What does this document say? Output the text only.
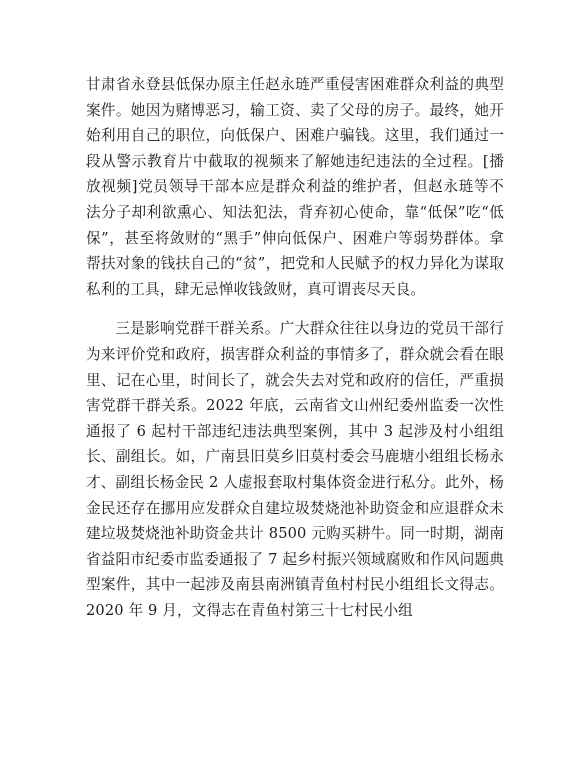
甘肃省永登县低保办原主任赵永琏严重侵害困难群众利益的典型案件。她因为赌博恶习，输工资、卖了父母的房子。最终，她开始利用自己的职位，向低保户、困难户骗钱。这里，我们通过一段从警示教育片中截取的视频来了解她违纪违法的全过程。[播放视频]党员领导干部本应是群众利益的维护者，但赵永琏等不法分子却利欲熏心、知法犯法，背弃初心使命，靠“低保”吃“低保”，甚至将敛财的“黑手”伸向低保户、困难户等弱势群体。拿帮扶对象的钱扶自己的“贫”，把党和人民赋予的权力异化为谋取私利的工具，肆无忌惮收钱敛财，真可谓丧尽天良。

三是影响党群干群关系。广大群众往往以身边的党员干部行为来评价党和政府，损害群众利益的事情多了，群众就会看在眼里、记在心里，时间长了，就会失去对党和政府的信任，严重损害党群干群关系。2022 年底，云南省文山州纪委州监委一次性通报了 6 起村干部违纪违法典型案例，其中 3 起涉及村小组组长、副组长。如，广南县旧莫乡旧莫村委会马鹿塘小组组长杨永才、副组长杨金民 2 人虚报套取村集体资金进行私分。此外，杨金民还存在挪用应发群众自建垃圾焚烧池补助资金和应退群众未建垃圾焚烧池补助资金共计 8500 元购买耕牛。同一时期，湖南省益阳市纪委市监委通报了 7 起乡村振兴领域腐败和作风问题典型案件，其中一起涉及南县南洲镇青鱼村村民小组组长文得志。2020 年 9 月，文得志在青鱼村第三十七村民小组
